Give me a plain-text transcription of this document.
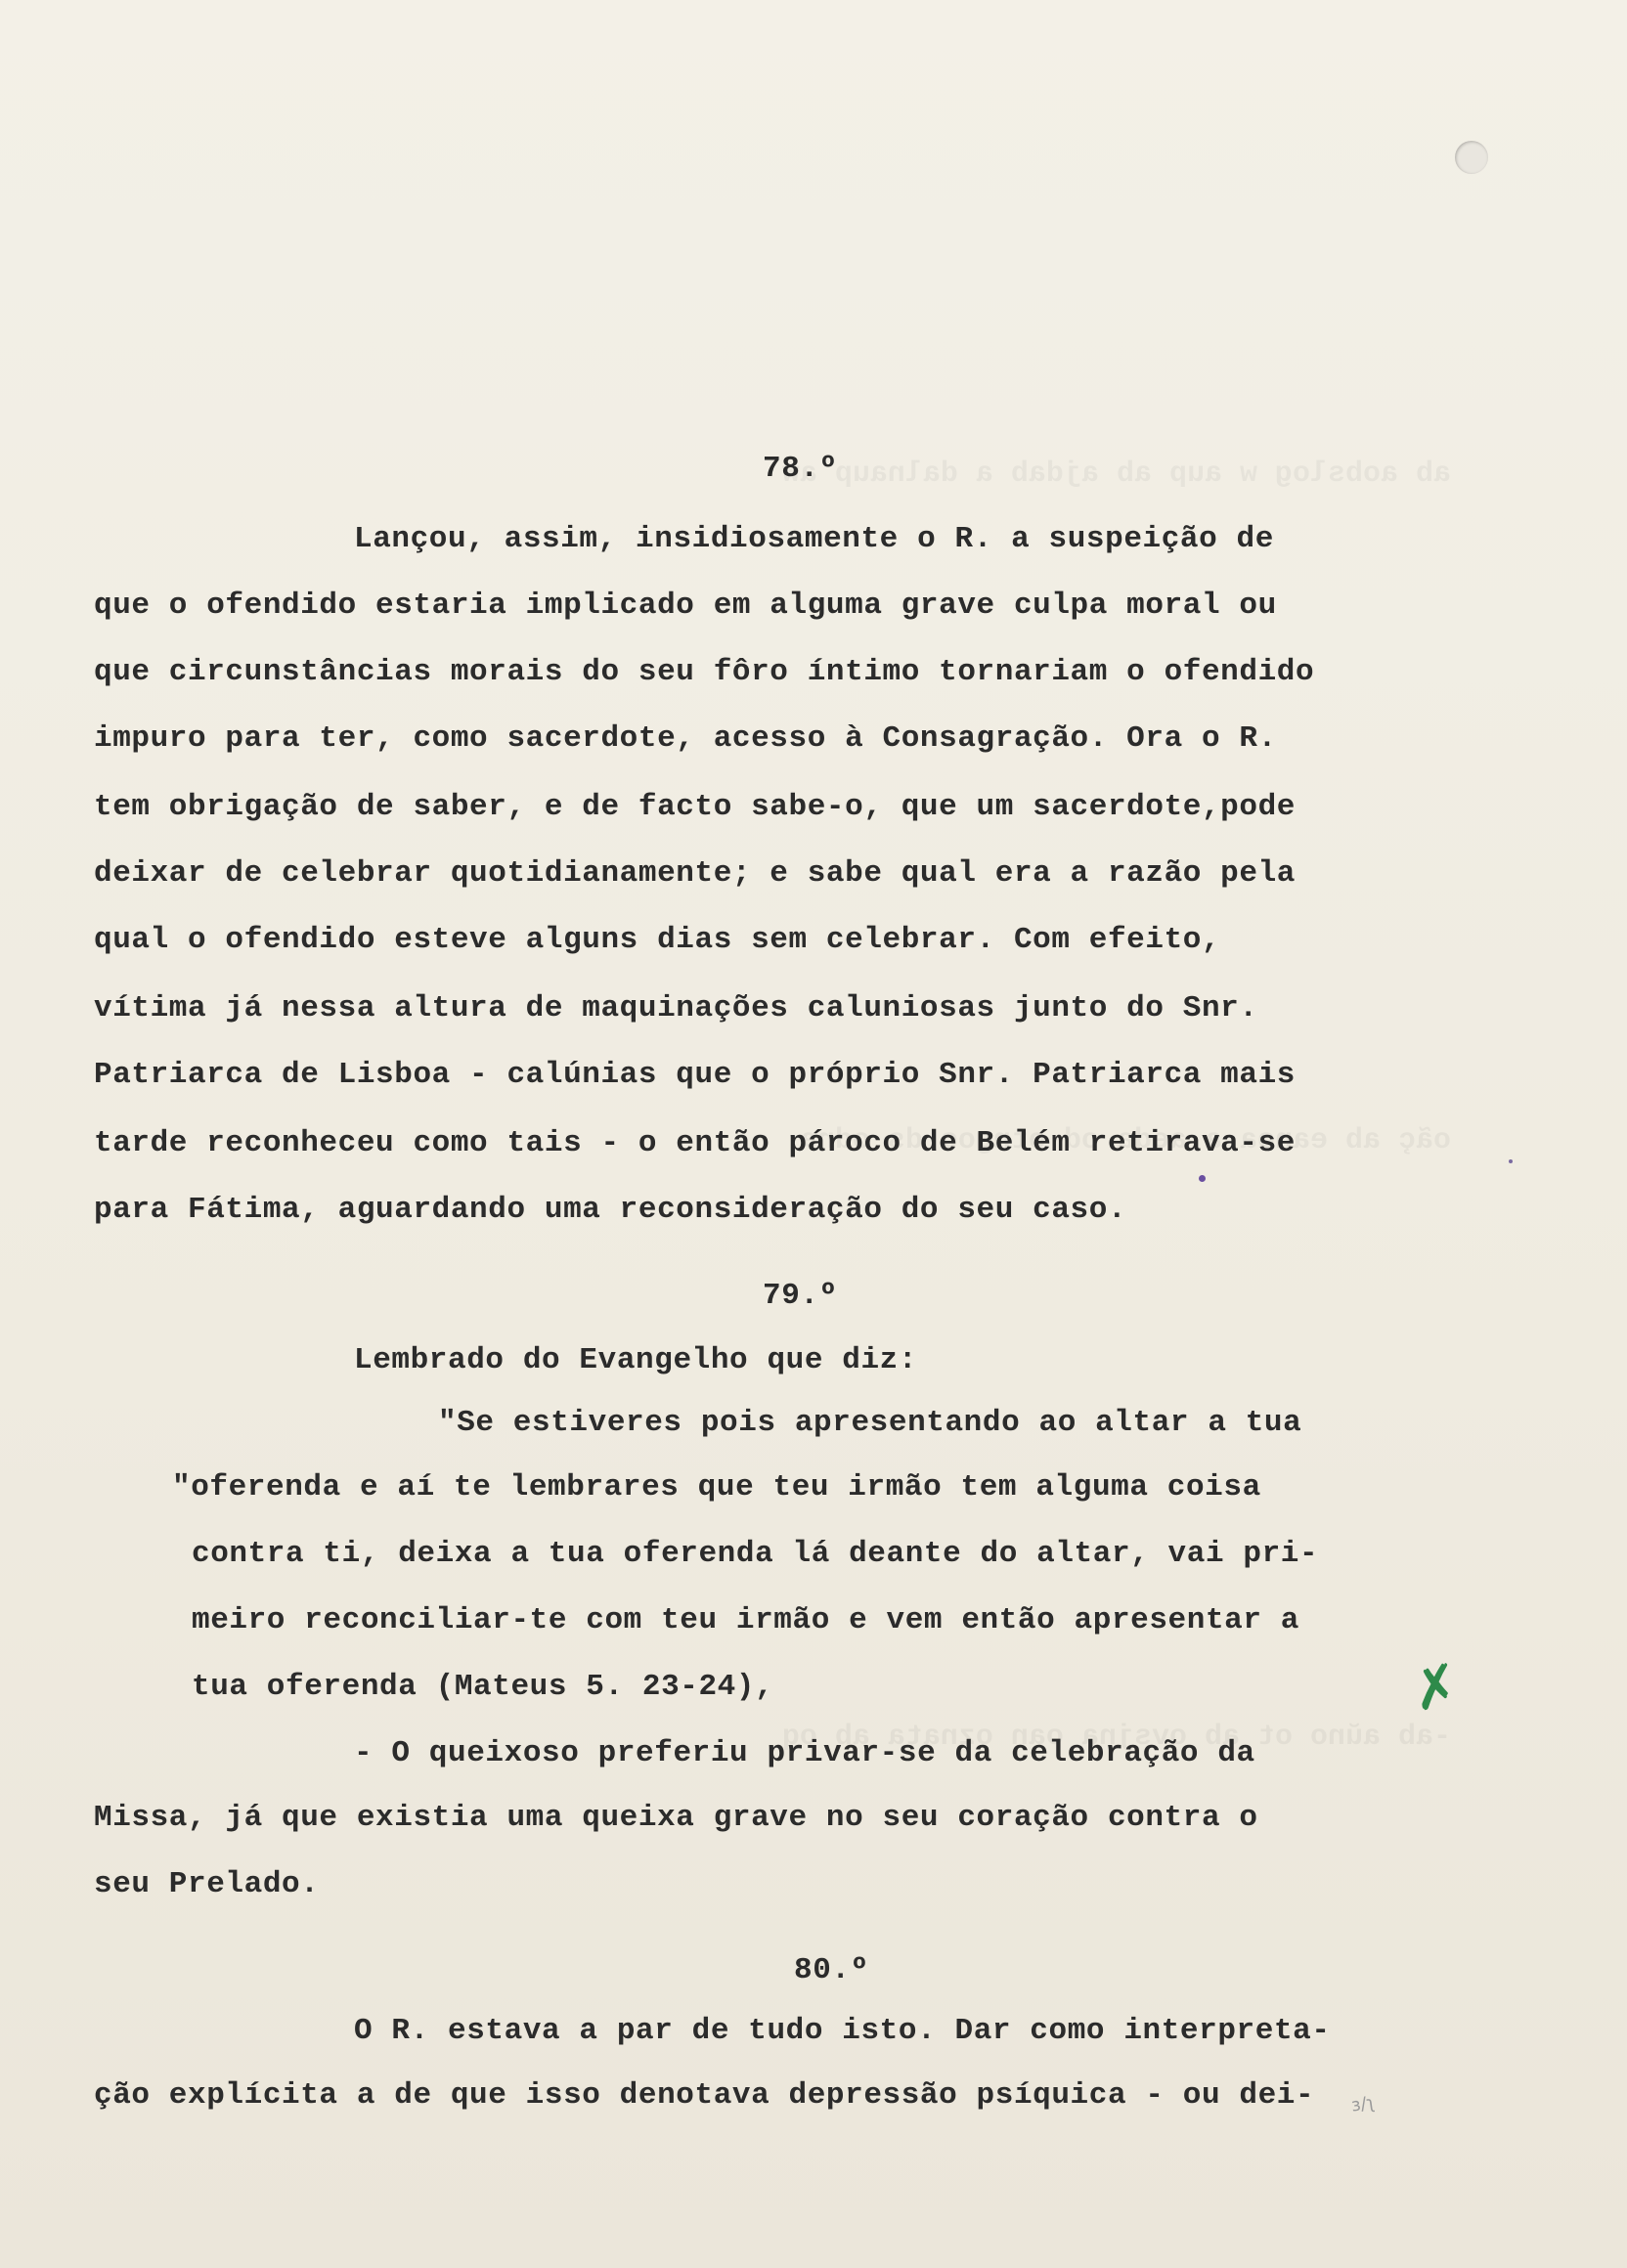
78.º
Lançou, assim, insidiosamente o R. a suspeição de
que o ofendido estaria implicado em alguma grave culpa moral ou
que circunstâncias morais do seu fôro íntimo tornariam o ofendido
impuro para ter, como sacerdote, acesso à Consagração. Ora o R.
tem obrigação de saber, e de facto sabe-o, que um sacerdote,pode
deixar de celebrar quotidianamente; e sabe qual era a razão pela
qual o ofendido esteve alguns dias sem celebrar. Com efeito,
vítima já nessa altura de maquinações caluniosas junto do Snr.
Patriarca de Lisboa - calúnias que o próprio Snr. Patriarca mais
tarde reconheceu como tais - o então pároco de Belém retirava-se
para Fátima, aguardando uma reconsideração do seu caso.
79.º
Lembrado do Evangelho que diz:
"Se estiveres pois apresentando ao altar a tua
"oferenda e aí te lembrares que teu irmão tem alguma coisa
contra ti, deixa a tua oferenda lá deante do altar, vai pri-
meiro reconciliar-te com teu irmão e vem então apresentar a
tua oferenda (Mateus 5. 23-24),
- O queixoso preferiu privar-se da celebração da
Missa, já que existia uma queixa grave no seu coração contra o
seu Prelado.
80.º
O R. estava a par de tudo isto. Dar como interpreta-
ção explícita a de que isso denotava depressão psíquica - ou dei-
✗
ɜ/ʅ
